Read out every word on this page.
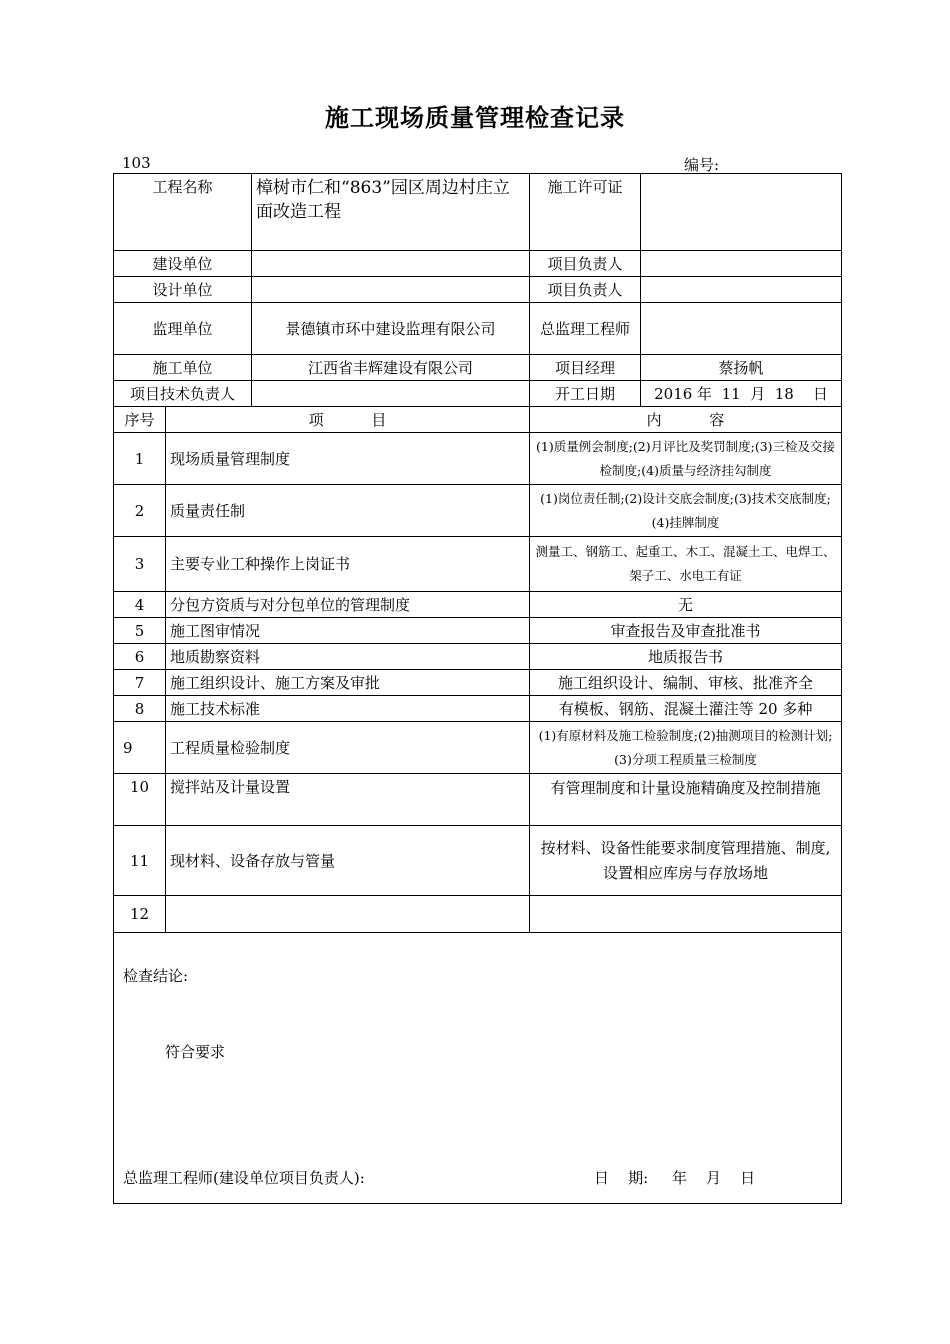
施工现场质量管理检查记录
103	编号:
工程名称		樟树市仁和“863”园区周边村庄立面改造工程	施工许可证	
建设单位			项目负责人	
设计单位			项目负责人	
监理单位		景德镇市环中建设监理有限公司	总监理工程师	
施工单位		江西省丰辉建设有限公司	项目经理	蔡扬帆
项目技术负责人			开工日期	2016 年  11  月  18    日
序号	项          目		内          容	
1	现场质量管理制度		(1)质量例会制度;(2)月评比及奖罚制度;(3)三检及交接检制度;(4)质量与经济挂勾制度	
2	质量责任制		(1)岗位责任制;(2)设计交底会制度;(3)技术交底制度;(4)挂牌制度	
3	主要专业工种操作上岗证书		测量工、钢筋工、起重工、木工、混凝土工、电焊工、架子工、水电工有证	
4	分包方资质与对分包单位的管理制度		无	
5	施工图审情况		审查报告及审查批准书	
6	地质勘察资料		地质报告书	
7	施工组织设计、施工方案及审批		施工组织设计、编制、审核、批准齐全	
8	施工技术标准		有模板、钢筋、混凝土灌注等 20 多种	
9	工程质量检验制度		(1)有原材料及施工检验制度;(2)抽测项目的检测计划;(3)分项工程质量三检制度	
10	搅拌站及计量设置		有管理制度和计量设施精确度及控制措施	
11	现材料、设备存放与管量		按材料、设备性能要求制度管理措施、制度,设置相应库房与存放场地	
12				

检查结论:
符合要求
总监理工程师(建设单位项目负责人): 日    期:     年    月    日				
